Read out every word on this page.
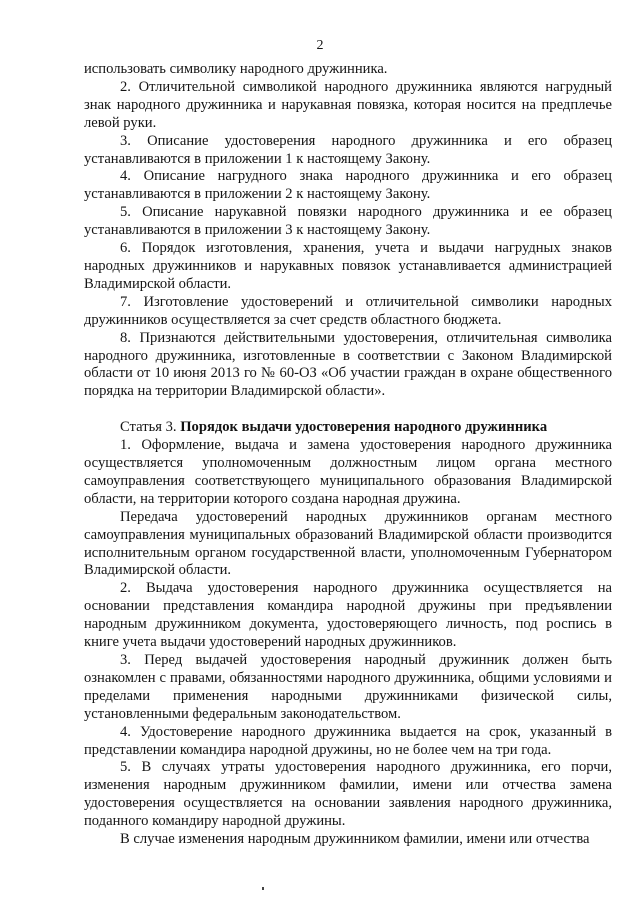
2

использовать символику народного дружинника.

2. Отличительной символикой народного дружинника являются нагрудный знак народного дружинника и нарукавная повязка, которая носится на предплечье левой руки.

3. Описание удостоверения народного дружинника и его образец устанавливаются в приложении 1 к настоящему Закону.

4. Описание нагрудного знака народного дружинника и его образец устанавливаются в приложении 2 к настоящему Закону.

5. Описание нарукавной повязки народного дружинника и ее образец устанавливаются в приложении 3 к настоящему Закону.

6. Порядок изготовления, хранения, учета и выдачи нагрудных знаков народных дружинников и нарукавных повязок устанавливается администрацией Владимирской области.

7. Изготовление удостоверений и отличительной символики народных дружинников осуществляется за счет средств областного бюджета.

8. Признаются действительными удостоверения, отличительная символика народного дружинника, изготовленные в соответствии с Законом Владимирской области от 10 июня 2013 го № 60-ОЗ «Об участии граждан в охране общественного порядка на территории Владимирской области».

Статья 3. Порядок выдачи удостоверения народного дружинника

1. Оформление, выдача и замена удостоверения народного дружинника осуществляется уполномоченным должностным лицом органа местного самоуправления соответствующего муниципального образования Владимирской области, на территории которого создана народная дружина.

Передача удостоверений народных дружинников органам местного самоуправления муниципальных образований Владимирской области производится исполнительным органом государственной власти, уполномоченным Губернатором Владимирской области.

2. Выдача удостоверения народного дружинника осуществляется на основании представления командира народной дружины при предъявлении народным дружинником документа, удостоверяющего личность, под роспись в книге учета выдачи удостоверений народных дружинников.

3. Перед выдачей удостоверения народный дружинник должен быть ознакомлен с правами, обязанностями народного дружинника, общими условиями и пределами применения народными дружинниками физической силы, установленными федеральным законодательством.

4. Удостоверение народного дружинника выдается на срок, указанный в представлении командира народной дружины, но не более чем на три года.

5. В случаях утраты удостоверения народного дружинника, его порчи, изменения народным дружинником фамилии, имени или отчества замена удостоверения осуществляется на основании заявления народного дружинника, поданного командиру народной дружины.

В случае изменения народным дружинником фамилии, имени или отчества
